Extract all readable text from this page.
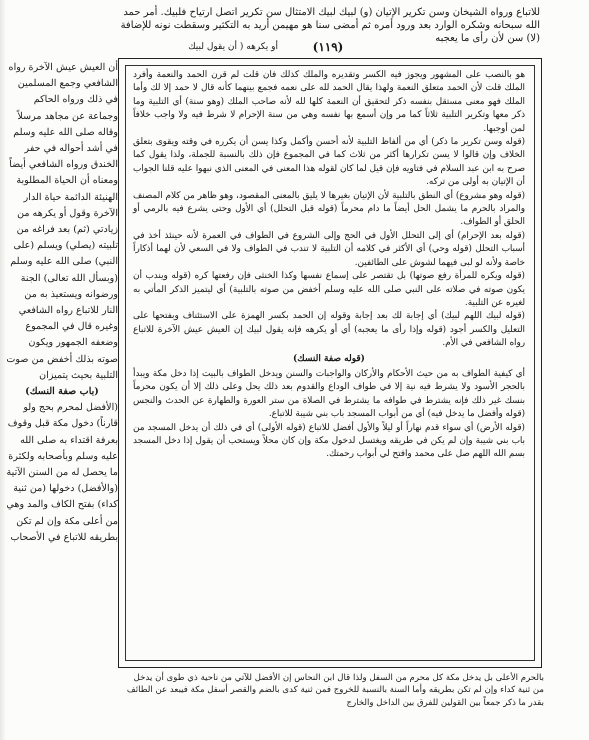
للاتباع ورواه الشيخان وسن تكرير الإتيان (و) لبيك لبيك الامتثال سن تكرير اتصل ارتياح فلبيك. أمر حمد الله سبحانه وشكره الوارد بعد ورود أمره ثم أمضى سنا هو مهيمن أريد به التكثير وسقطت نونه للإضافة (لا) سن لأن رأى ما يعجبه
(١١٩)
أو يكرهه ( أن يقول لبيك

هو بالنصب على المشهور ويجوز فيه الكسر وتقديره والملك كذلك فان قلت لم قرن الحمد والنعمة وأفرد الملك قلت لأن الحمد متعلق النعمة ولهذا يقال الحمد لله على نعمه فجمع بينهما كأنه قال لا حمد إلا لك وأما الملك فهو معنى مستقل بنفسه ذكر لتحقيق أن النعمة كلها لله لأنه صاحب الملك (وهو سنة) أي التلبية وما ذكر معها وتكرير التلبية ثلاثاً كما مر وإن أسمع بها نفسه وهي من سنة الإحرام لا شرط فيه ولا واجب خلافاً لمن أوجبها.

(قوله وسن تكرير ما ذكر) أي من ألفاظ التلبية لأنه أحسن وأكمل وكذا يسن أن يكرره في وقته ويقوى بتعلق الخلاف وإن قالوا لا يسن تكرارها أكثر من ثلاث كما في المجموع فإن ذلك بالنسبة للجملة، ولذا يقول كما صرح به ابن عبد السلام في فتاويه فإن قيل لما كان لقوله هذا المعنى في المعنى الذي نبهوا عليه قلنا الجواب أن الإتيان به أولى من تركه.

(قوله وهو مشروع) أي النطق بالتلبية لأن الإتيان بغيرها لا يليق بالمعنى المقصود، وهو ظاهر من كلام المصنف والمراد بالحرم ما يشمل الحل أيضاً ما دام محرماً (قوله قبل التحلل) أي الأول وحتى يشرع فيه بالرمي أو الحلق أو الطواف.

(قوله بعد الإحرام) أي إلى التحلل الأول في الحج وإلى الشروع في الطواف في العمرة لأنه حينئذ أخذ في أسباب التحلل (قوله وحي) أي الأكثر في كلامه أن التلبية لا تندب في الطواف ولا في السعي لأن لهما أذكاراً خاصة ولأنه لو لبى فيهما لشوش على الطائفين.

(قوله ويكره للمرأة رفع صوتها) بل تقتصر على إسماع نفسها وكذا الخنثى فإن رفعتها كره (قوله ويندب أن يكون صوته في صلاته على النبي صلى الله عليه وسلم أخفض من صوته بالتلبية) أي ليتميز الذكر المأتي به لغيره عن التلبية.

(قوله لبيك اللهم لبيك) أي إجابة لك بعد إجابة وقوله إن الحمد بكسر الهمزة على الاستئناف وبفتحها على التعليل والكسر أجود (قوله وإذا رأى ما يعجبه) أي أو يكرهه فإنه يقول لبيك إن العيش عيش الآخرة للاتباع رواه الشافعي في الأم.

(قوله صفة النسك)

أي كيفية الطواف به من حيث الأحكام والأركان والواجبات والسنن ويدخل الطواف بالبيت إذا دخل مكة ويبدأ بالحجر الأسود ولا يشرط فيه نية إلا في طواف الوداع والقدوم بعد ذلك يحل وعلى ذلك إلا أن يكون محرماً بنسك غير ذلك فإنه يشترط في طوافه ما يشترط في الصلاة من ستر العورة والطهارة عن الحدث والنجس (قوله وأفضل ما يدخل فيه) أي من أبواب المسجد باب بني شيبة للاتباع.

(قوله الأرض) أي سواء قدم نهاراً أو ليلاً والأول أفضل للاتباع (قوله الأولى) أي في ذلك أن يدخل المسجد من باب بني شيبة وإن لم يكن في طريقه ويغتسل لدخول مكة وإن كان محلاً ويستحب أن يقول إذا دخل المسجد بسم الله اللهم صل على محمد وافتح لي أبواب رحمتك.

أن العيش عيش الآخرة رواه الشافعي وجمع المسلمين في ذلك ورواه الحاكم وجماعة عن مجاهد مرسلاً وقاله صلى الله عليه وسلم في أشد أحواله في حفر الخندق ورواه الشافعي أيضاً ومعناه أن الحياة المطلوبة الهنيئة الدائمة حياة الدار الآخرة وقول أو يكرهه من زيادتي (ثم) بعد فراغه من تلبيته (يصلي) ويسلم (على النبي) صلى الله عليه وسلم (وبسأل الله تعالى) الجنة ورضوانه ويستعيذ به من النار للاتباع رواه الشافعي وغيره قال في المجموع وضعفه الجمهور ويكون صوته بذلك أخفض من صوت التلبية بحيث يتميزان

(باب صفة النسك)

(الأفضل لمحرم بحج ولو قارناً) دخول مكة قبل وقوف بعرفة اقتداء به صلى الله عليه وسلم وبأصحابه ولكثرة ما يحصل له من السنن الآتية (والأفضل) دخولها (من ثنية كداء) بفتح الكاف والمد وهي من أعلى مكة وإن لم تكن بطريقه للاتباع في الأصحاب

بالحرم الأعلى بل يدخل مكة كل محرم من السفل ولذا قال ابن النحاس إن الأفضل للآتي من ناحية ذي طوى أن يدخل من ثنية كداء وإن لم تكن بطريقه وأما السنة بالنسبة للخروج فمن ثنية كدى بالضم والقصر أسفل مكة فيبعد عن الطائف بقدر ما ذكر جمعاً بين القولين للفرق بين الداخل والخارج
